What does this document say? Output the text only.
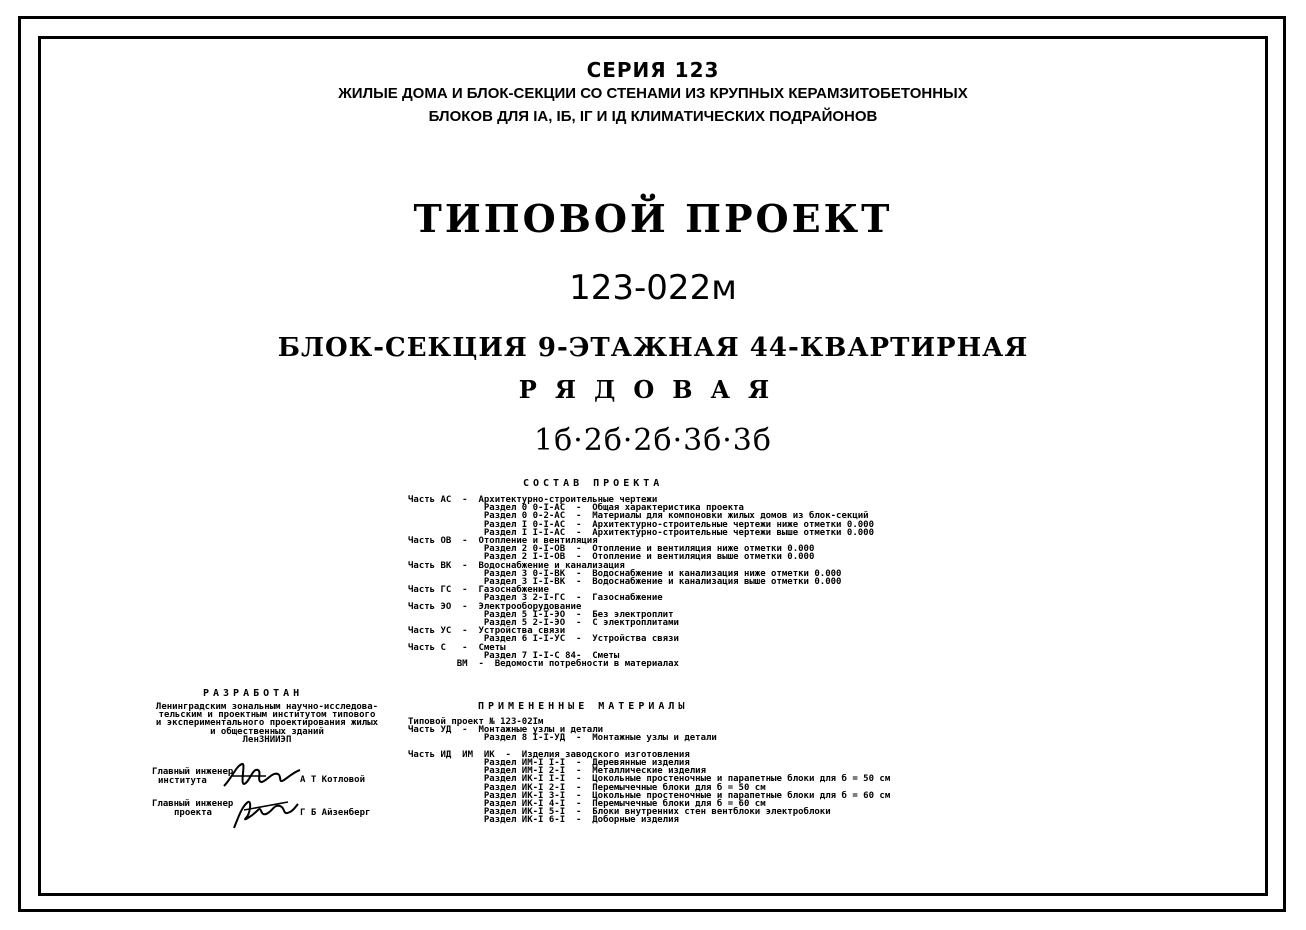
СЕРИЯ 123
ЖИЛЫЕ ДОМА И БЛОК-СЕКЦИИ СО СТЕНАМИ ИЗ КРУПНЫХ КЕРАМЗИТОБЕТОННЫХ
БЛОКОВ ДЛЯ IA, IБ, IГ И IД КЛИМАТИЧЕСКИХ ПОДРАЙОНОВ
ТИПОВОЙ ПРОЕКТ
123-022м
БЛОК-СЕКЦИЯ 9-ЭТАЖНАЯ 44-КВАРТИРНАЯ
РЯДОВАЯ
1б·2б·2б·3б·3б
СОСТАВ ПРОЕКТА
Часть АС  -  Архитектурно-строительные чертежи
Раздел 0 0-I-АС  -  Общая характеристика проекта
Раздел 0 0-2-АС  -  Материалы для компоновки жилых домов из блок-секций
Раздел I 0-I-АС  -  Архитектурно-строительные чертежи ниже отметки 0.000
Раздел I I-I-АС  -  Архитектурно-строительные чертежи выше отметки 0.000
Часть ОВ  -  Отопление и вентиляция
Раздел 2 0-I-ОВ  -  Отопление и вентиляция ниже отметки 0.000
Раздел 2 I-I-ОВ  -  Отопление и вентиляция выше отметки 0.000
Часть ВК  -  Водоснабжение и канализация
Раздел 3 0-I-ВК  -  Водоснабжение и канализация ниже отметки 0.000
Раздел 3 I-I-ВК  -  Водоснабжение и канализация выше отметки 0.000
Часть ГС  -  Газоснабжение
Раздел 3 2-I-ГС  -  Газоснабжение
Часть ЭО  -  Электрооборудование
Раздел 5 I-I-ЭО  -  Без электроплит
Раздел 5 2-I-ЭО  -  С электроплитами
Часть УС  -  Устройства связи
Раздел 6 I-I-УС  -  Устройства связи
Часть С   -  Сметы
Раздел 7 I-I-С 84-  Сметы
ВМ  -  Ведомости потребности в материалах
ПРИМЕНЕННЫЕ МАТЕРИАЛЫ
Типовой проект № 123-02Iм
Часть УД  -  Монтажные узлы и детали
Раздел 8 I-I-УД  -  Монтажные узлы и детали

Часть ИД  ИМ  ИК  -  Изделия заводского изготовления
Раздел ИМ-I I-I  -  Деревянные изделия
Раздел ИМ-I 2-I  -  Металлические изделия
Раздел ИК-I I-I  -  Цокольные простеночные и парапетные блоки для б = 50 см
Раздел ИК-I 2-I  -  Перемычечные блоки для б = 50 см
Раздел ИК-I 3-I  -  Цокольные простеночные и парапетные блоки для б = 60 см
Раздел ИК-I 4-I  -  Перемычечные блоки для б = 60 см
Раздел ИК-I 5-I  -  Блоки внутренних стен вентблоки электроблоки
Раздел ИК-I 6-I  -  Доборные изделия
РАЗРАБОТАН
Ленинградским зональным научно-исследова-
тельским и проектным институтом типового
и экспериментального проектирования жилых
и общественных зданий
ЛенЗНИИЭП
Главный инженер
института	А Т Котловой
Главный инженер
проекта	Г Б Айзенберг
